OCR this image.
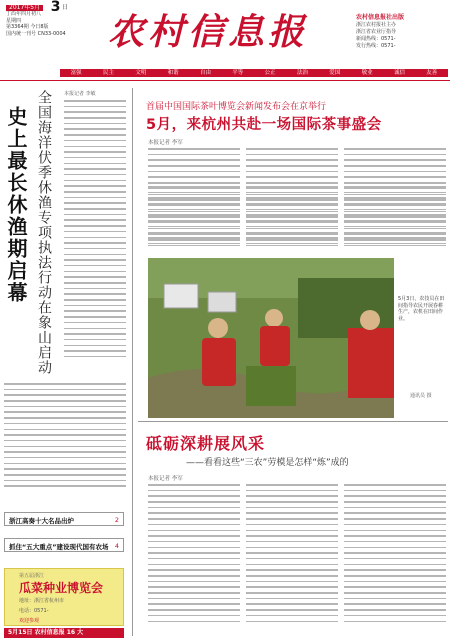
2017年5月 3 日
丁酉年四月初八
星期四
第3364期 今日8版
国内统一刊号 CN33-0004	农村信息报	农村信息报社出版
浙江农村报社主办
浙江省农业厅指导
新闻热线：0571-
发行热线：0571-
富强	民主	文明	和谐	自由	平等	公正	法治	爱国	敬业	诚信	友善
史上最长休渔期启幕 全国海洋伏季休渔专项执法行动在象山启动	本报记者 李敏
浙江高奏十大名品出炉	2
抓住“五大重点”建设现代国有农场 4
第五届浙江
瓜菜种业博览会
地址：浙江省杭州市
电话：0571-
欢迎参观
5月15日 农村信息报 16 大
首届中国国际茶叶博览会新闻发布会在京举行
5月，来杭州共赴一场国际茶事盛会
本报记者 李军
5月3日，农技员在田间指导农民开展春耕生产，农机在田间作业。
通讯员 摄
砥砺深耕展风采
——看看这些“三农”劳模是怎样“炼”成的
本报记者 李军
